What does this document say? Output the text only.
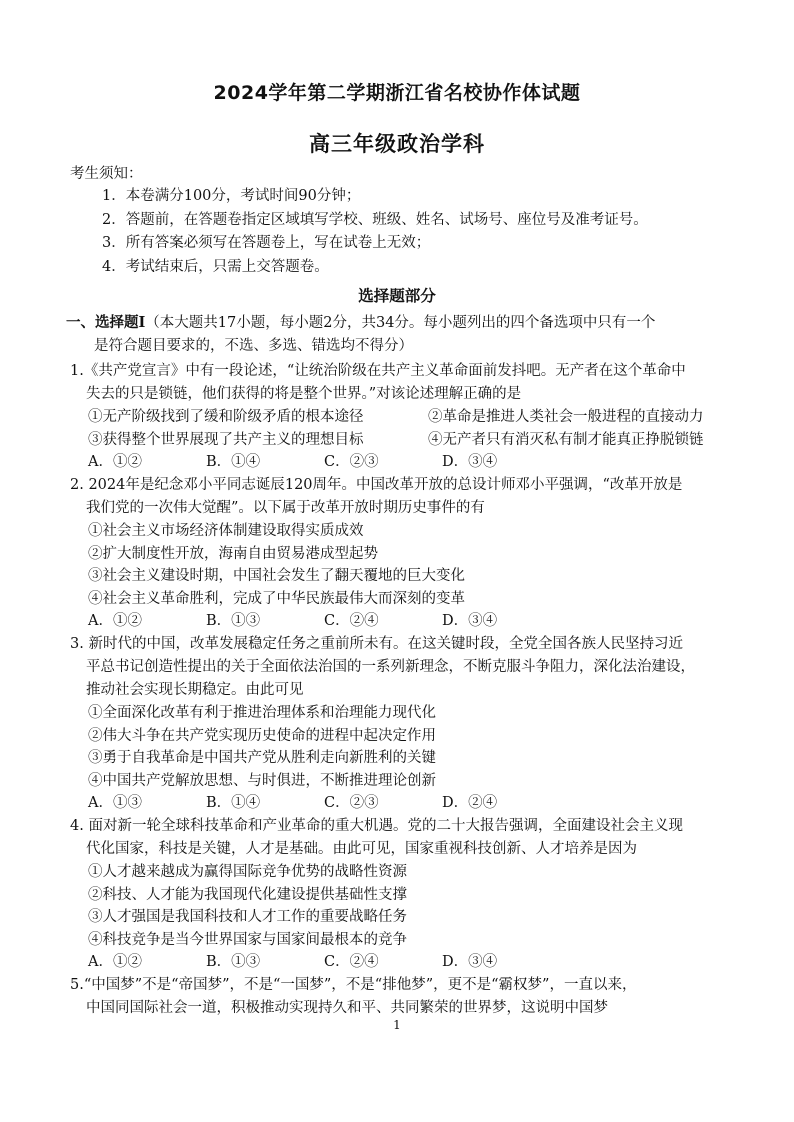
2024学年第二学期浙江省名校协作体试题
高三年级政治学科
考生须知：
1．本卷满分100分，考试时间90分钟；
2．答题前，在答题卷指定区域填写学校、班级、姓名、试场号、座位号及准考证号。
3．所有答案必须写在答题卷上，写在试卷上无效；
4．考试结束后，只需上交答题卷。
选择题部分
一、选择题Ⅰ（本大题共17小题，每小题2分，共34分。每小题列出的四个备选项中只有一个
是符合题目要求的，不选、多选、错选均不得分）
1.《共产党宣言》中有一段论述，“让统治阶级在共产主义革命面前发抖吧。无产者在这个革命中
失去的只是锁链，他们获得的将是整个世界。”对该论述理解正确的是
①无产阶级找到了缓和阶级矛盾的根本途径	②革命是推进人类社会一般进程的直接动力
③获得整个世界展现了共产主义的理想目标	④无产者只有消灭私有制才能真正挣脱锁链
A．①②	B．①④	C．②③	D．③④
2. 2024年是纪念邓小平同志诞辰120周年。中国改革开放的总设计师邓小平强调，“改革开放是
我们党的一次伟大觉醒”。以下属于改革开放时期历史事件的有
①社会主义市场经济体制建设取得实质成效
②扩大制度性开放，海南自由贸易港成型起势
③社会主义建设时期，中国社会发生了翻天覆地的巨大变化
④社会主义革命胜利，完成了中华民族最伟大而深刻的变革
A．①②	B．①③	C．②④	D．③④
3. 新时代的中国，改革发展稳定任务之重前所未有。在这关键时段，全党全国各族人民坚持习近
平总书记创造性提出的关于全面依法治国的一系列新理念，不断克服斗争阻力，深化法治建设，
推动社会实现长期稳定。由此可见
①全面深化改革有利于推进治理体系和治理能力现代化
②伟大斗争在共产党实现历史使命的进程中起决定作用
③勇于自我革命是中国共产党从胜利走向新胜利的关键
④中国共产党解放思想、与时俱进，不断推进理论创新
A．①③	B．①④	C．②③	D．②④
4. 面对新一轮全球科技革命和产业革命的重大机遇。党的二十大报告强调，全面建设社会主义现
代化国家，科技是关键，人才是基础。由此可见，国家重视科技创新、人才培养是因为
①人才越来越成为赢得国际竞争优势的战略性资源
②科技、人才能为我国现代化建设提供基础性支撑
③人才强国是我国科技和人才工作的重要战略任务
④科技竞争是当今世界国家与国家间最根本的竞争
A．①②	B．①③	C．②④	D．③④
5.“中国梦”不是“帝国梦”，不是“一国梦”，不是“排他梦”，更不是“霸权梦”，一直以来，
中国同国际社会一道，积极推动实现持久和平、共同繁荣的世界梦，这说明中国梦
1
